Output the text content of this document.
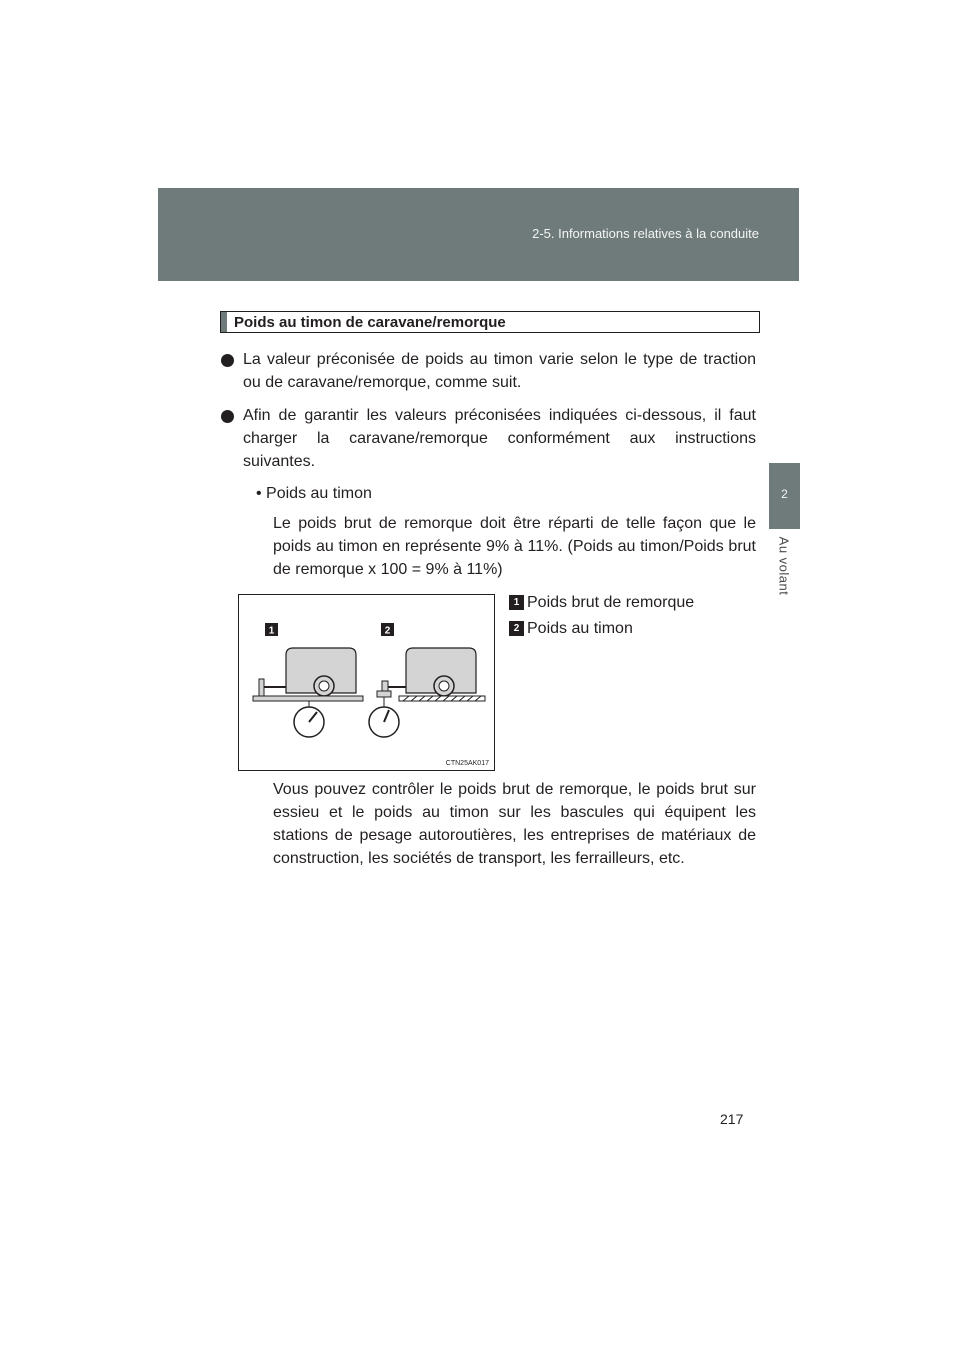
2-5. Informations relatives à la conduite
2
Au volant
Poids au timon de caravane/remorque
La valeur préconisée de poids au timon varie selon le type de traction ou de caravane/remorque, comme suit.
Afin de garantir les valeurs préconisées indiquées ci-dessous, il faut charger la caravane/remorque conformément aux instructions suivantes.
• Poids au timon
Le poids brut de remorque doit être réparti de telle façon que le poids au timon en représente 9% à 11%. (Poids au timon/Poids brut de remorque x 100 = 9% à 11%)
1	2
CTN25AK017
1 Poids brut de remorque
2 Poids au timon
Vous pouvez contrôler le poids brut de remorque, le poids brut sur essieu et le poids au timon sur les bascules qui équipent les stations de pesage autoroutières, les entreprises de matériaux de construction, les sociétés de transport, les ferrailleurs, etc.
217
